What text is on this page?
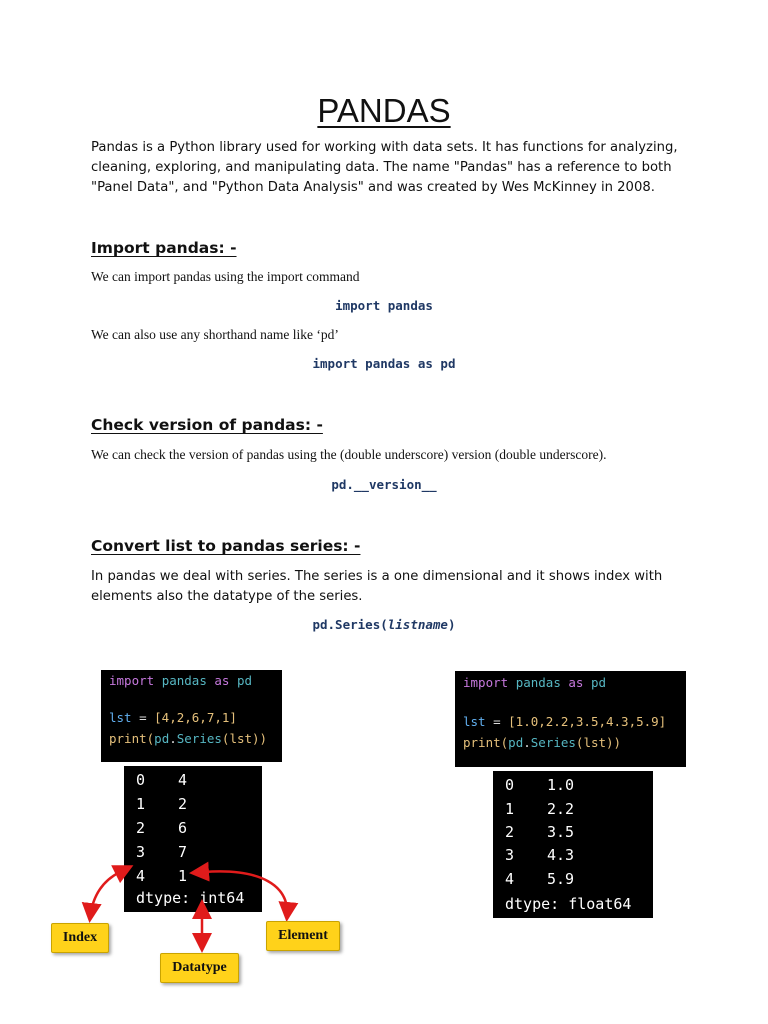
PANDAS
Pandas is a Python library used for working with data sets. It has functions for analyzing, cleaning, exploring, and manipulating data. The name "Pandas" has a reference to both "Panel Data", and "Python Data Analysis" and was created by Wes McKinney in 2008.
Import pandas: -
We can import pandas using the import command
import pandas
We can also use any shorthand name like ‘pd’
import pandas as pd
Check version of pandas: -
We can check the version of pandas using the (double underscore) version (double underscore).
pd.__version__
Convert list to pandas series: -
In pandas we deal with series. The series is a one dimensional and it shows index with elements also the datatype of the series.
pd.Series(listname)

import pandas as pd

lst = [4,2,6,7,1]

print(pd.Series(lst))

0 4

1 2

2 6

3 7

4 1

dtype: int64

import pandas as pd

lst = [1.0,2.2,3.5,4.3,5.9]

print(pd.Series(lst))

0 1.0

1 2.2

2 3.5

3 4.3

4 5.9

dtype: float64

Index
Datatype
Element
